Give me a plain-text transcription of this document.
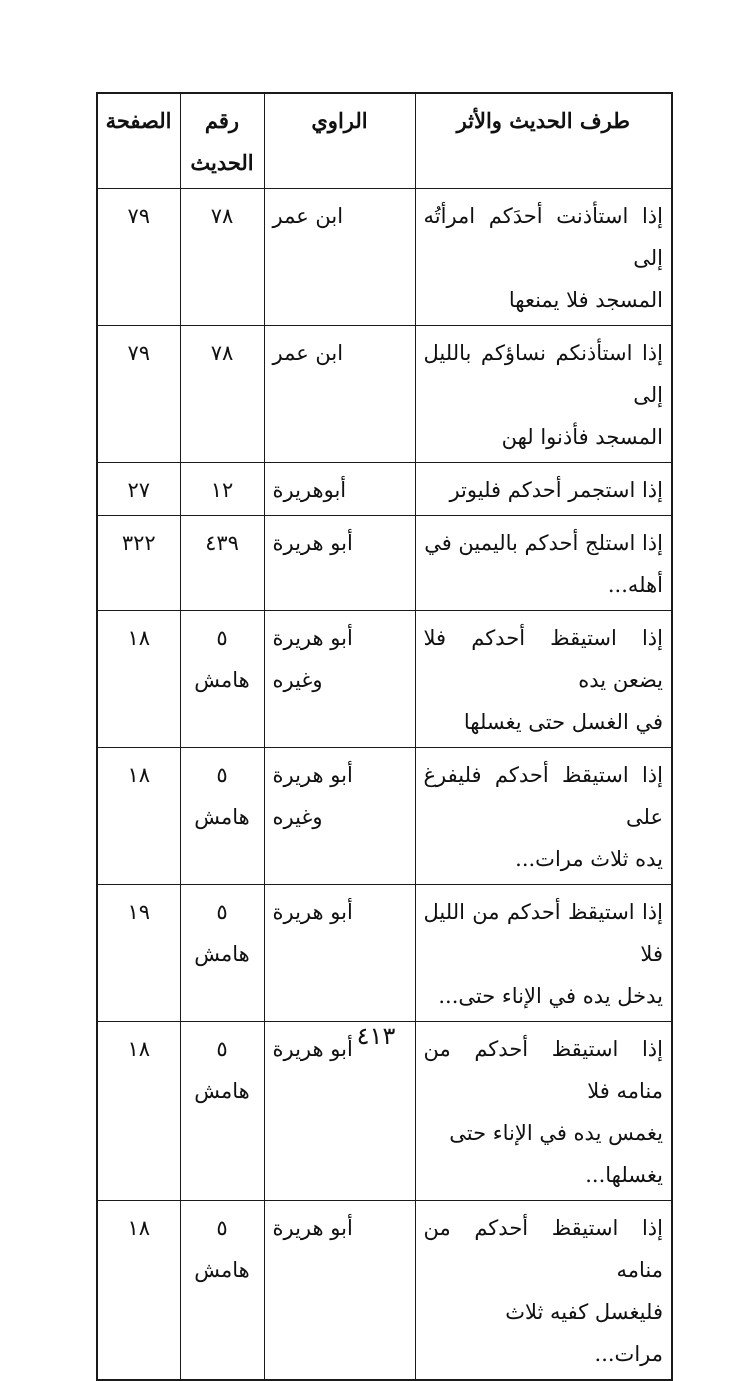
طرف الحديث والأثر	الراوي	رقم
الحديث	الصفحة

إذا استأذنت أحدَكم امرأتُه إلى
المسجد فلا يمنعها	ابن عمر	٧٨	٧٩

إذا استأذنكم نساؤكم بالليل إلى
المسجد فأذنوا لهن	ابن عمر	٧٨	٧٩

إذا استجمر أحدكم فليوتر	أبوهريرة	١٢	٢٧

إذا استلج أحدكم باليمين في
أهله...	أبو هريرة	٤٣٩	٣٢٢

إذا استيقظ أحدكم فلا يضعن يده
في الغسل حتى يغسلها	أبو هريرة وغيره	٥
هامش	١٨

إذا استيقظ أحدكم فليفرغ على
يده ثلاث مرات...	أبو هريرة وغيره	٥
هامش	١٨

إذا استيقظ أحدكم من الليل فلا
يدخل يده في الإناء حتى...	أبو هريرة	٥
هامش	١٩

إذا استيقظ أحدكم من منامه فلا
يغمس يده في الإناء حتى
يغسلها...	أبو هريرة	٥
هامش	١٨

إذا استيقظ أحدكم من منامه
فليغسل كفيه ثلاث
مرات...	أبو هريرة	٥
هامش	١٨
٤١٣
